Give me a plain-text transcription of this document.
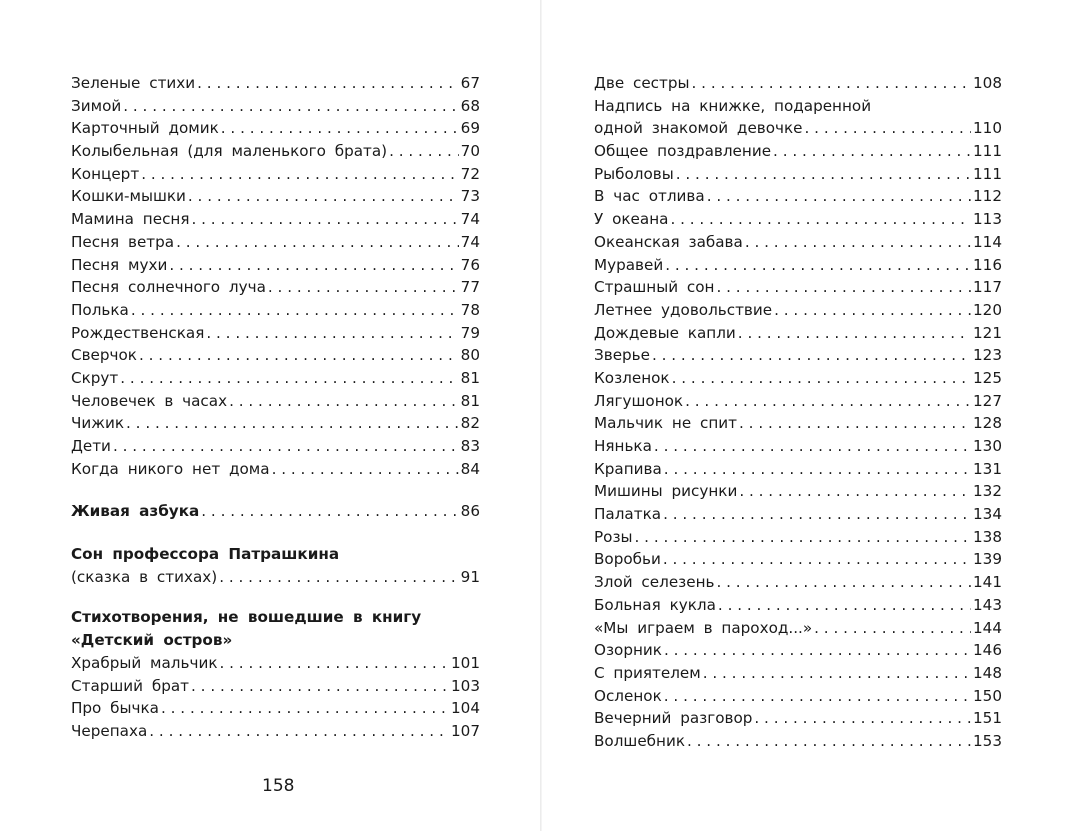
Зеленые стихи . . .	67
Зимой . . .	68
Карточный домик . . .	69
Колыбельная (для маленького брата) . . .	70
Концерт . . .	72
Кошки-мышки . . .	73
Мамина песня . . .	74
Песня ветра . . .	74
Песня мухи . . .	76
Песня солнечного луча . . .	77
Полька . . .	78
Рождественская . . .	79
Сверчок . . .	80
Скрут . . .	81
Человечек в часах . . .	81
Чижик . . .	82
Дети . . .	83
Когда никого нет дома . . .	84
Живая азбука . . .	86
Сон профессора Патрашкина
(сказка в стихах) . . .	91
Стихотворения, не вошедшие в книгу
«Детский остров»
Храбрый мальчик . . .	101
Старший брат . . .	103
Про бычка . . .	104
Черепаха . . .	107
Две сестры . . .	108
Надпись на книжке, подаренной
одной знакомой девочке . . .	110
Общее поздравление . . .	111
Рыболовы . . .	111
В час отлива . . .	112
У океана . . .	113
Океанская забава . . .	114
Муравей . . .	116
Страшный сон . . .	117
Летнее удовольствие . . .	120
Дождевые капли . . .	121
Зверье . . .	123
Козленок . . .	125
Лягушонок . . .	127
Мальчик не спит . . .	128
Нянька . . .	130
Крапива . . .	131
Мишины рисунки . . .	132
Палатка . . .	134
Розы . . .	138
Воробьи . . .	139
Злой селезень . . .	141
Больная кукла . . .	143
«Мы играем в пароход...» . . .	144
Озорник . . .	146
С приятелем . . .	148
Осленок . . .	150
Вечерний разговор . . .	151
Волшебник . . .	153
158
